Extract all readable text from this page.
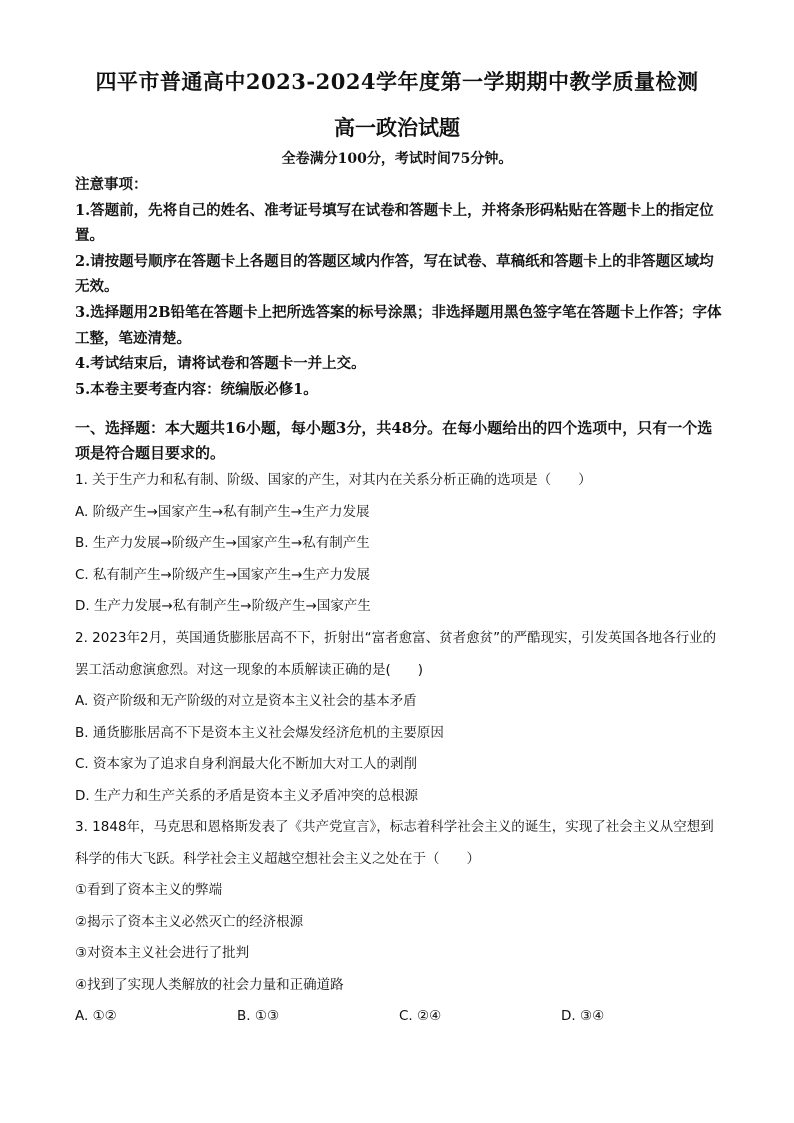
四平市普通高中2023-2024学年度第一学期期中教学质量检测
高一政治试题
全卷满分100分，考试时间75分钟。
注意事项：
1.答题前，先将自己的姓名、准考证号填写在试卷和答题卡上，并将条形码粘贴在答题卡上的指定位置。
2.请按题号顺序在答题卡上各题目的答题区域内作答，写在试卷、草稿纸和答题卡上的非答题区域均无效。
3.选择题用2B铅笔在答题卡上把所选答案的标号涂黑；非选择题用黑色签字笔在答题卡上作答；字体工整，笔迹清楚。
4.考试结束后，请将试卷和答题卡一并上交。
5.本卷主要考查内容：统编版必修1。
一、选择题：本大题共16小题，每小题3分，共48分。在每小题给出的四个选项中，只有一个选项是符合题目要求的。

1. 关于生产力和私有制、阶级、国家的产生，对其内在关系分析正确的选项是（　　）

A. 阶级产生→国家产生→私有制产生→生产力发展

B. 生产力发展→阶级产生→国家产生→私有制产生

C. 私有制产生→阶级产生→国家产生→生产力发展

D. 生产力发展→私有制产生→阶级产生→国家产生

2. 2023年2月，英国通货膨胀居高不下，折射出“富者愈富、贫者愈贫”的严酷现实，引发英国各地各行业的罢工活动愈演愈烈。对这一现象的本质解读正确的是(　　)

A. 资产阶级和无产阶级的对立是资本主义社会的基本矛盾

B. 通货膨胀居高不下是资本主义社会爆发经济危机的主要原因

C. 资本家为了追求自身利润最大化不断加大对工人的剥削

D. 生产力和生产关系的矛盾是资本主义矛盾冲突的总根源

3. 1848年，马克思和恩格斯发表了《共产党宣言》，标志着科学社会主义的诞生，实现了社会主义从空想到科学的伟大飞跃。科学社会主义超越空想社会主义之处在于（　　）

①看到了资本主义的弊端

②揭示了资本主义必然灭亡的经济根源

③对资本主义社会进行了批判

④找到了实现人类解放的社会力量和正确道路

A. ①②	B. ①③	C. ②④	D. ③④
